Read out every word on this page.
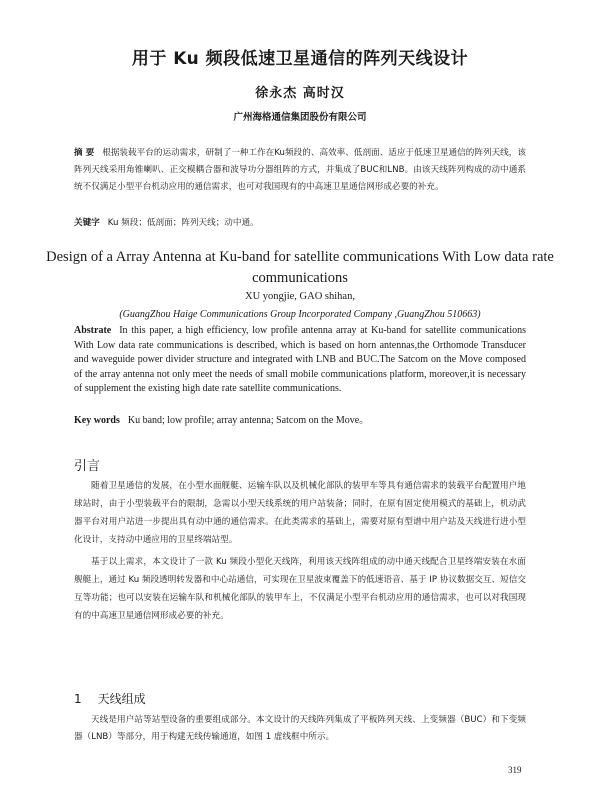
用于 Ku 频段低速卫星通信的阵列天线设计
徐永杰 高时汉
广州海格通信集团股份有限公司
摘 要 根据装载平台的运动需求，研制了一种工作在Ku频段的、高效率、低剖面、适应于低速卫星通信的阵列天线，该阵列天线采用角锥喇叭、正交模耦合器和波导功分器组阵的方式，并集成了BUC和LNB。由该天线阵列构成的动中通系统不仅满足小型平台机动应用的通信需求，也可对我国现有的中高速卫星通信网形成必要的补充。
关键字 Ku 频段；低剖面；阵列天线；动中通。
Design of a Array Antenna at Ku-band for satellite communications With Low data rate communications
XU yongjie, GAO shihan,
(GuangZhou Haige Communications Group Incorporated Company ,GuangZhou 510663)
Abstrate In this paper, a high efficiency, low profile antenna array at Ku-band for satellite communications With Low data rate communications is described, which is based on horn antennas,the Orthomode Transducer and waveguide power divider structure and integrated with LNB and BUC.The Satcom on the Move composed of the array antenna not only meet the needs of small mobile communications platform, moreover,it is necessary of supplement the existing high date rate satellite communications.
Key words Ku band; low profile; array antenna; Satcom on the Move。
引言

随着卫星通信的发展，在小型水面舰艇、运输车队以及机械化部队的装甲车等具有通信需求的装载平台配置用户地球站时，由于小型装载平台的限制，急需以小型天线系统的用户站装备；同时，在原有固定使用模式的基础上，机动武器平台对用户站进一步提出具有动中通的通信需求。在此类需求的基础上，需要对原有型谱中用户站及天线进行进小型化设计，支持动中通应用的卫星终端站型。

基于以上需求，本文设计了一款 Ku 频段小型化天线阵，利用该天线阵组成的动中通天线配合卫星终端安装在水面舰艇上，通过 Ku 频段透明转发器和中心站通信，可实现在卫星波束覆盖下的低速语音、基于 IP 协议数据交互、短信交互等功能；也可以安装在运输车队和机械化部队的装甲车上，不仅满足小型平台机动应用的通信需求，也可以对我国现有的中高速卫星通信网形成必要的补充。

1 天线组成

天线是用户站等站型设备的重要组成部分。本文设计的天线阵列集成了平板阵列天线、上变频器（BUC）和下变频器（LNB）等部分，用于构建无线传输通道，如图 1 虚线框中所示。

319
